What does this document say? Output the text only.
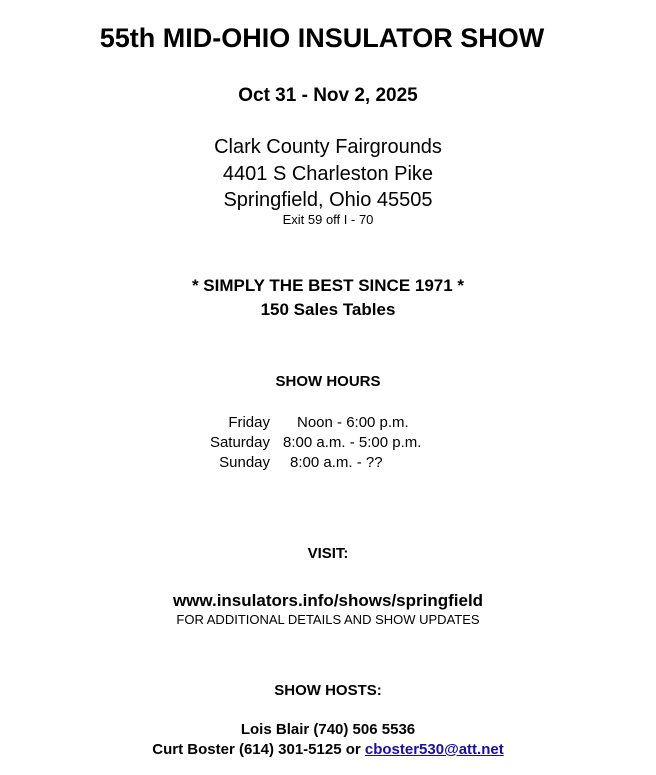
55th MID-OHIO INSULATOR SHOW
Oct 31 - Nov 2, 2025
Clark County Fairgrounds
4401 S Charleston Pike
Springfield, Ohio 45505
Exit 59 off I - 70
* SIMPLY THE BEST SINCE 1971 *
150 Sales Tables
SHOW HOURS
Friday Noon - 6:00 p.m.
Saturday 8:00 a.m. - 5:00 p.m.
Sunday 8:00 a.m. - ??
VISIT:
www.insulators.info/shows/springfield
FOR ADDITIONAL DETAILS AND SHOW UPDATES
SHOW HOSTS:
Lois Blair (740) 506 5536
Curt Boster (614) 301-5125 or cboster530@att.net
